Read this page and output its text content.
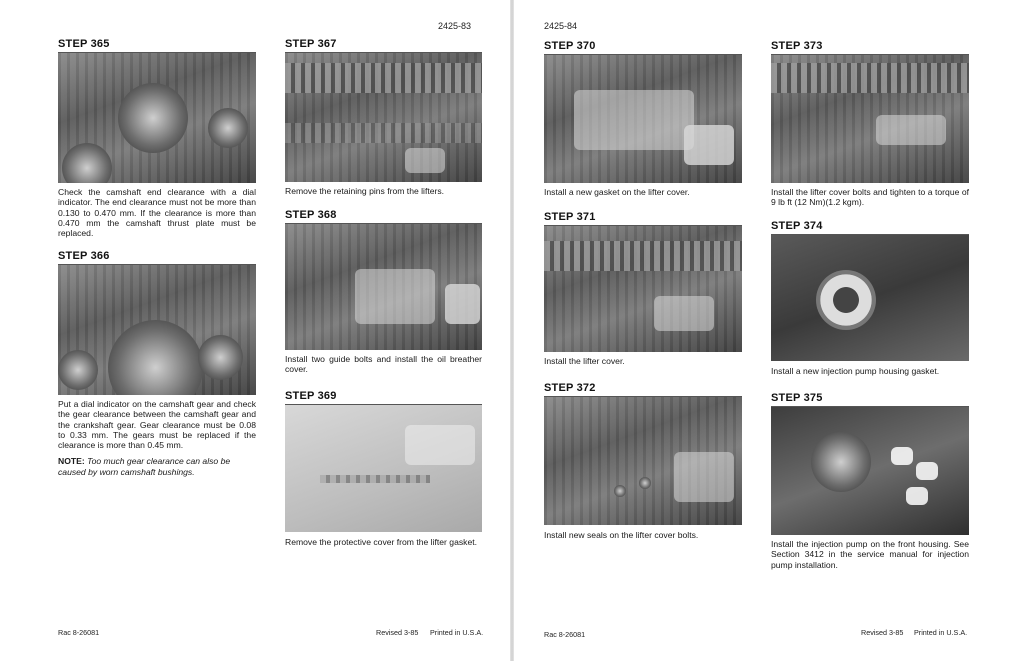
2425-83
STEP 365
Check the camshaft end clearance with a dial indicator. The end clearance must not be more than 0.130 to 0.470 mm. If the clearance is more than 0.470 mm the camshaft thrust plate must be replaced.
STEP 366
Put a dial indicator on the camshaft gear and check the gear clearance between the camshaft gear and the crankshaft gear. Gear clearance must be 0.08 to 0.33 mm. The gears must be replaced if the clearance is more than 0.45 mm.
NOTE: Too much gear clearance can also be caused by worn camshaft bushings.
STEP 367
Remove the retaining pins from the lifters.
STEP 368
Install two guide bolts and install the oil breather cover.
STEP 369
Remove the protective cover from the lifter gasket.
Rac 8-26081	Revised 3-85 Printed in U.S.A.
2425-84
STEP 370
Install a new gasket on the lifter cover.
STEP 371
Install the lifter cover.
STEP 372
Install new seals on the lifter cover bolts.
STEP 373
Install the lifter cover bolts and tighten to a torque of 9 lb ft (12 Nm)(1.2 kgm).
STEP 374
Install a new injection pump housing gasket.
STEP 375
Install the injection pump on the front housing. See Section 3412 in the service manual for injection pump installation.
Rac 8-26081	Revised 3-85 Printed in U.S.A.
